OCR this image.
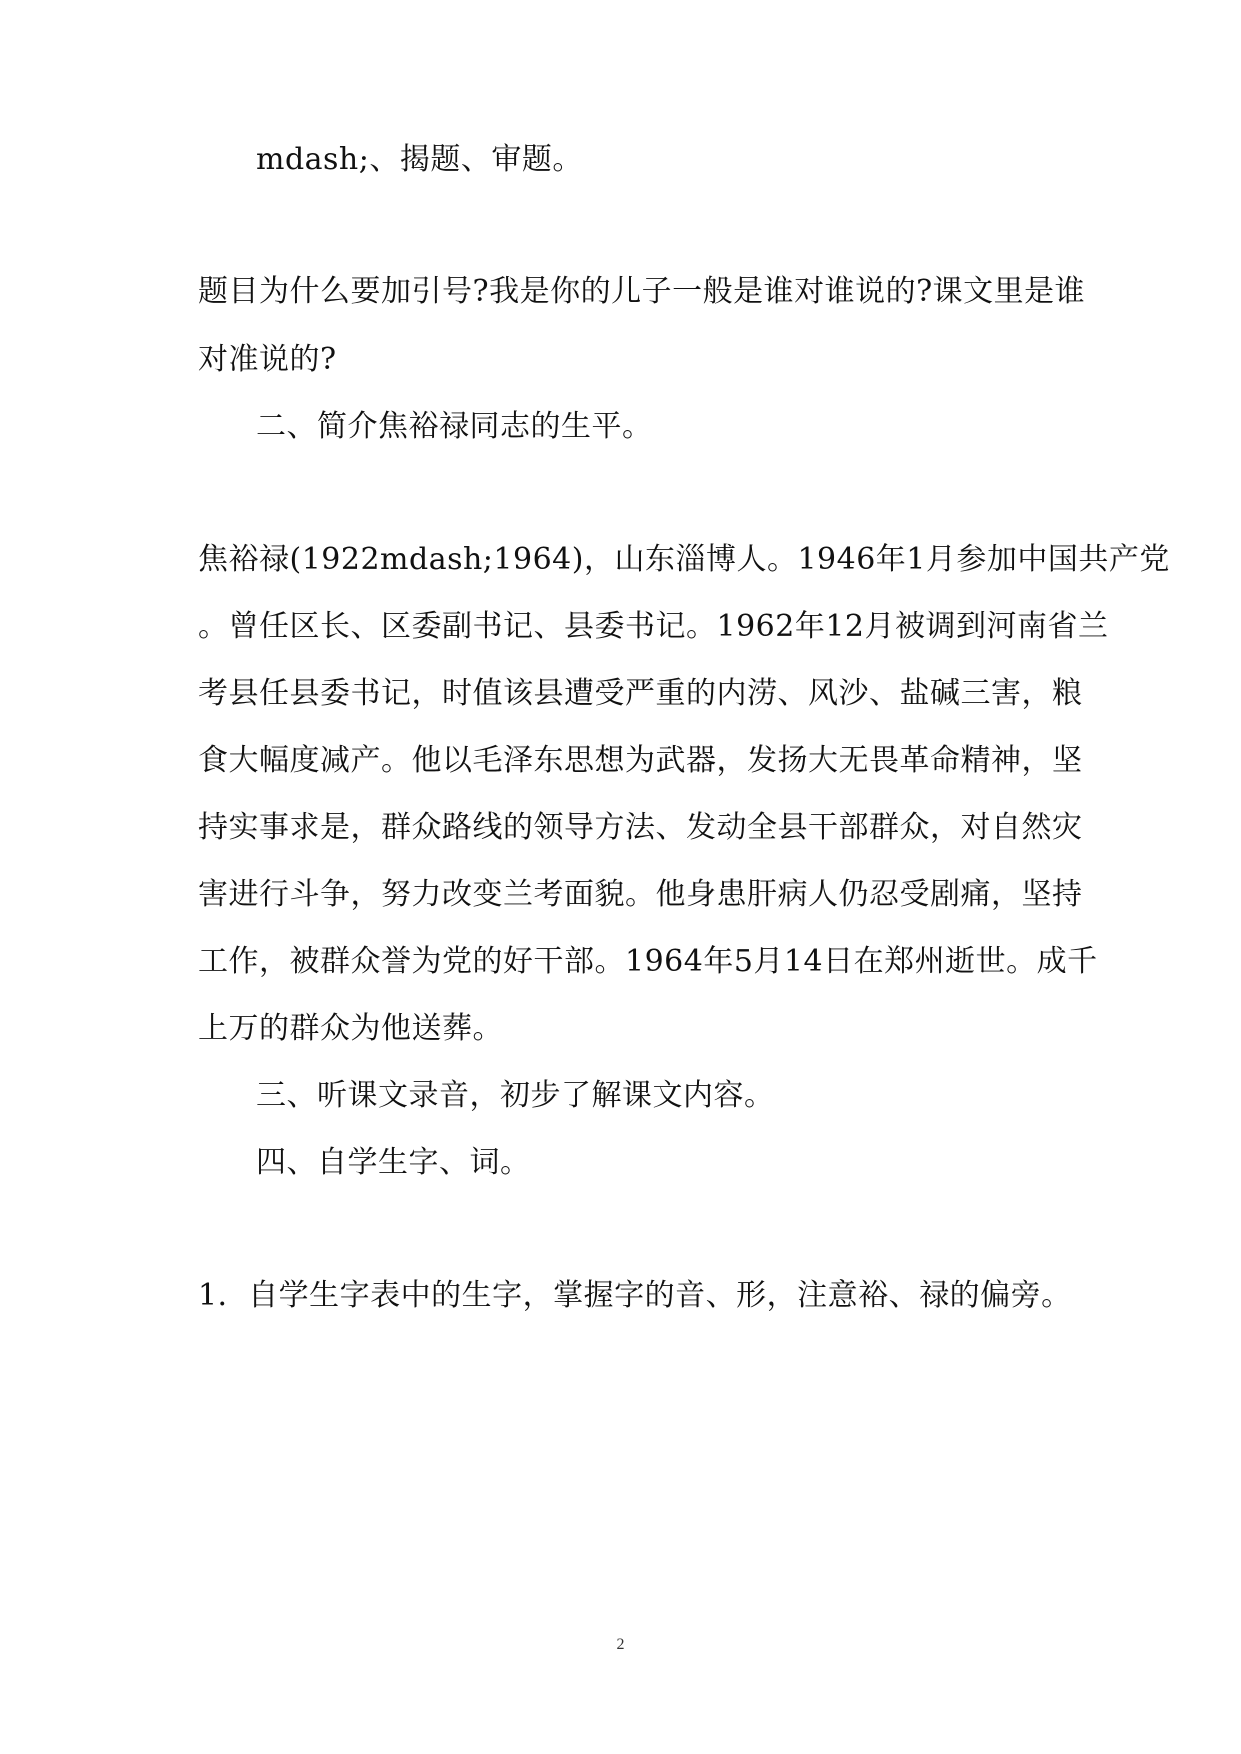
mdash;、揭题、审题。
题目为什么要加引号?我是你的儿子一般是谁对谁说的?课文里是谁
对准说的?
二、简介焦裕禄同志的生平。
焦裕禄(1922mdash;1964)，山东淄博人。1946年1月参加中国共产党
。曾任区长、区委副书记、县委书记。1962年12月被调到河南省兰
考县任县委书记，时值该县遭受严重的内涝、风沙、盐碱三害，粮
食大幅度减产。他以毛泽东思想为武器，发扬大无畏革命精神，坚
持实事求是，群众路线的领导方法、发动全县干部群众，对自然灾
害进行斗争，努力改变兰考面貌。他身患肝病人仍忍受剧痛，坚持
工作，被群众誉为党的好干部。1964年5月14日在郑州逝世。成千
上万的群众为他送葬。
三、听课文录音，初步了解课文内容。
四、自学生字、词。
1．自学生字表中的生字，掌握字的音、形，注意裕、禄的偏旁。
2
